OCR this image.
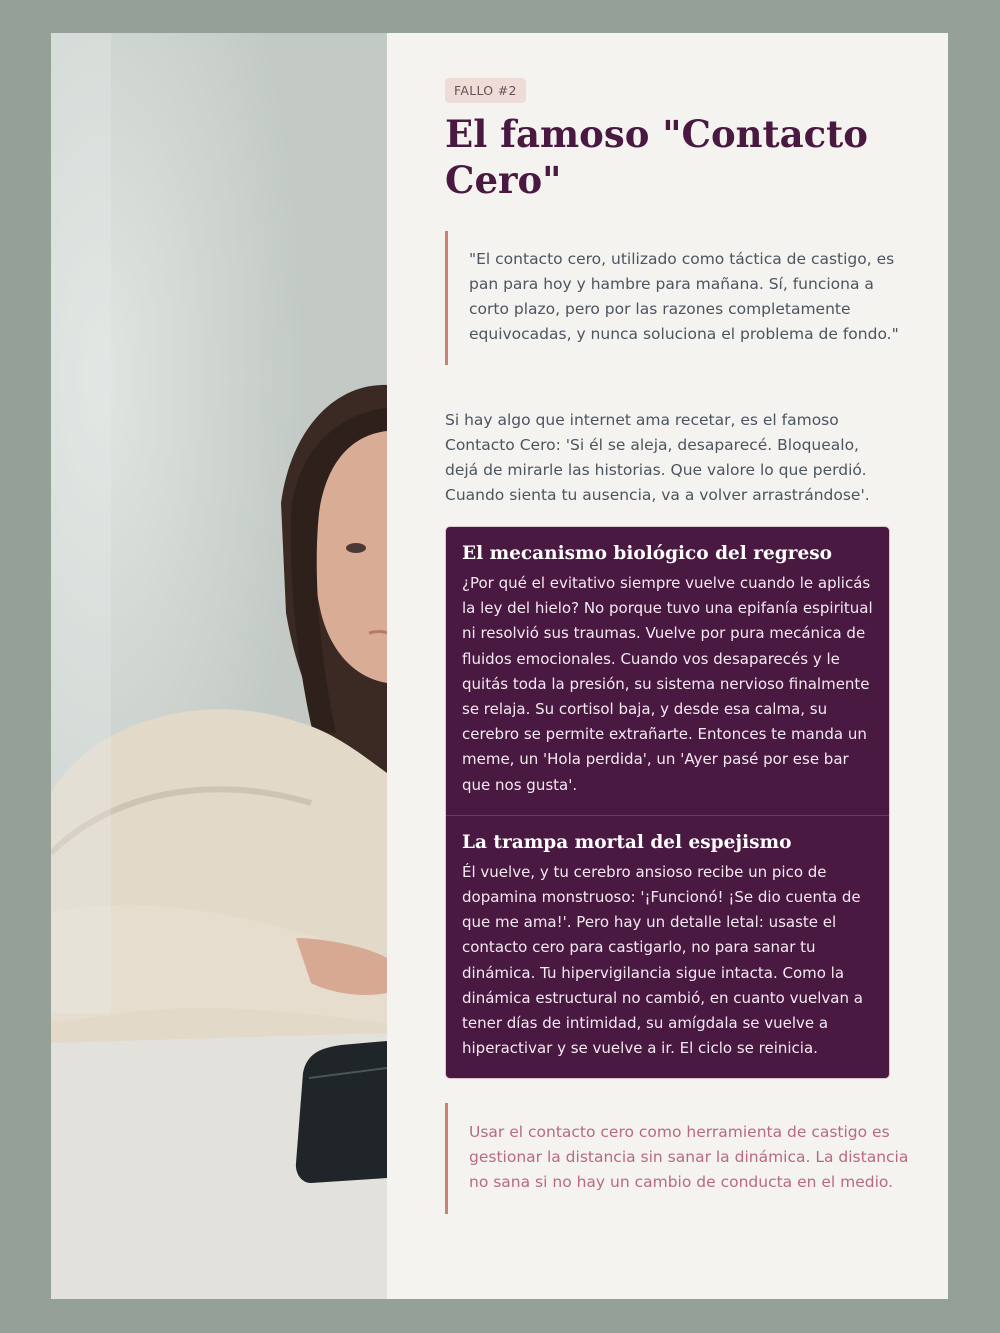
FALLO #2
El famoso "Contacto Cero"
"El contacto cero, utilizado como táctica de castigo, es pan para hoy y hambre para mañana. Sí, funciona a corto plazo, pero por las razones completamente equivocadas, y nunca soluciona el problema de fondo."

Si hay algo que internet ama recetar, es el famoso Contacto Cero: 'Si él se aleja, desaparecé. Bloquealo, dejá de mirarle las historias. Que valore lo que perdió. Cuando sienta tu ausencia, va a volver arrastrándose'.

El mecanismo biológico del regreso

¿Por qué el evitativo siempre vuelve cuando le aplicás la ley del hielo? No porque tuvo una epifanía espiritual ni resolvió sus traumas. Vuelve por pura mecánica de fluidos emocionales. Cuando vos desaparecés y le quitás toda la presión, su sistema nervioso finalmente se relaja. Su cortisol baja, y desde esa calma, su cerebro se permite extrañarte. Entonces te manda un meme, un 'Hola perdida', un 'Ayer pasé por ese bar que nos gusta'.

La trampa mortal del espejismo

Él vuelve, y tu cerebro ansioso recibe un pico de dopamina monstruoso: '¡Funcionó! ¡Se dio cuenta de que me ama!'. Pero hay un detalle letal: usaste el contacto cero para castigarlo, no para sanar tu dinámica. Tu hipervigilancia sigue intacta. Como la dinámica estructural no cambió, en cuanto vuelvan a tener días de intimidad, su amígdala se vuelve a hiperactivar y se vuelve a ir. El ciclo se reinicia.

Usar el contacto cero como herramienta de castigo es gestionar la distancia sin sanar la dinámica. La distancia no sana si no hay un cambio de conducta en el medio.
